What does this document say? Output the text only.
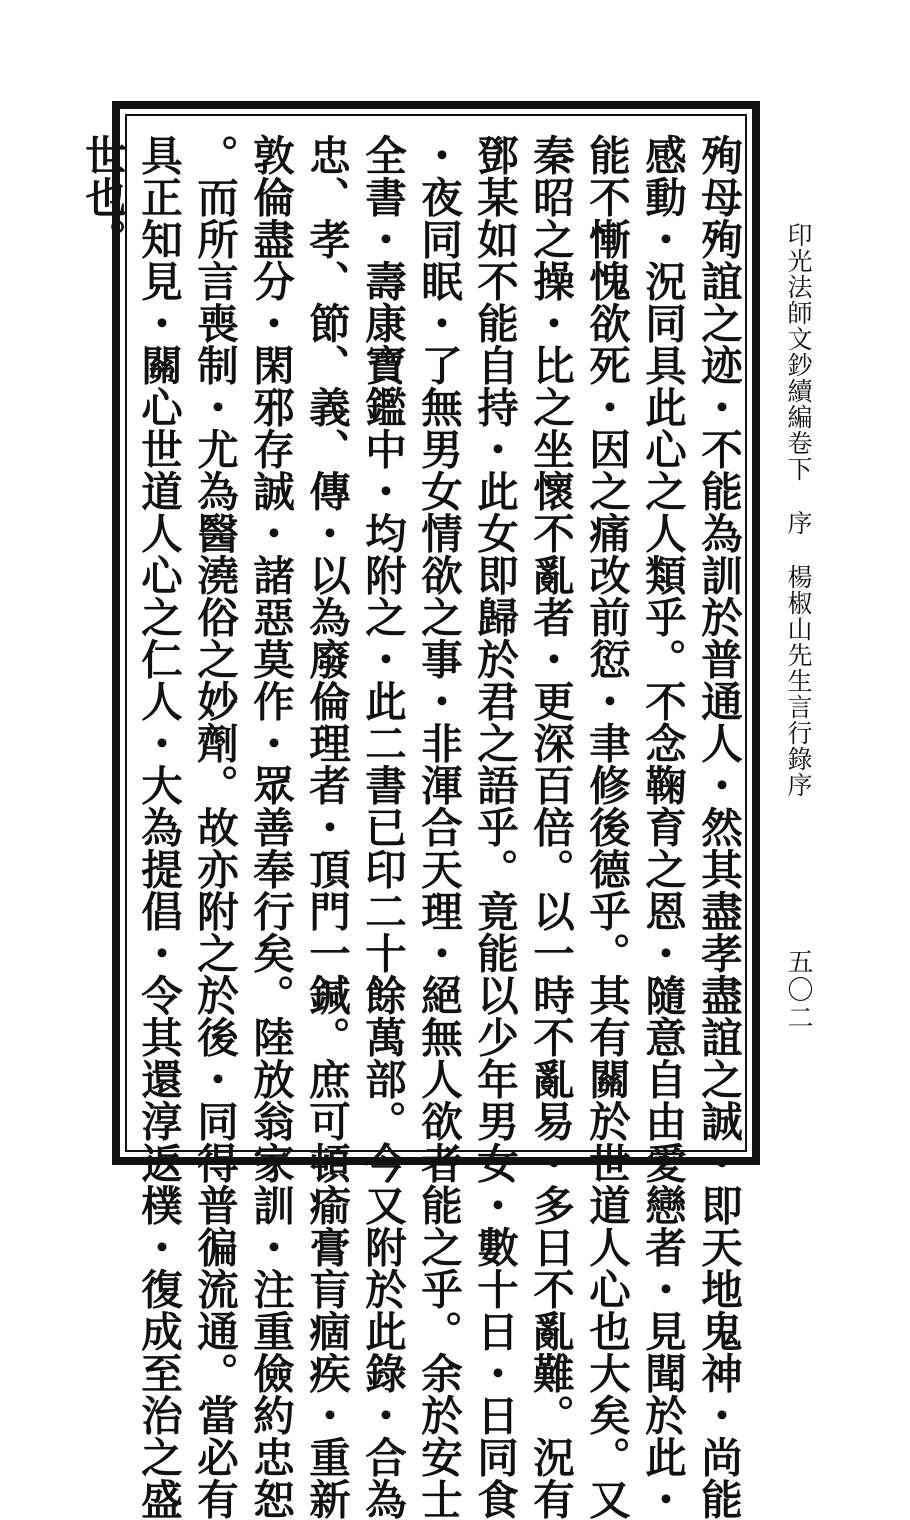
印光法師文鈔續編卷下序楊椒山先生言行錄序
五〇二
殉母殉誼之迹・不能為訓於普通人・然其盡孝盡誼之誠・即天地鬼神・尚能
感動・況同具此心之人類乎。不念鞠育之恩・隨意自由愛戀者・見聞於此・
能不慚愧欲死・因之痛改前愆・聿修後德乎。其有關於世道人心也大矣。又
秦昭之操・比之坐懷不亂者・更深百倍。以一時不亂易・多日不亂難。況有
鄧某如不能自持・此女即歸於君之語乎。竟能以少年男女・數十日・日同食
・夜同眠・了無男女情欲之事・非渾合天理・絕無人欲者能之乎。余於安士
全書・壽康寶鑑中・均附之・此二書已印二十餘萬部。今又附於此錄・合為
忠、孝、節、義、傳・以為廢倫理者・頂門一鍼。庶可頓瘉膏肓痼疾・重新
敦倫盡分・閑邪存誠・諸惡莫作・眾善奉行矣。陸放翁家訓・注重儉約忠恕
。而所言喪制・尤為醫澆俗之妙劑。故亦附之於後・同得普徧流通。當必有
具正知見・關心世道人心之仁人・大為提倡・令其還淳返樸・復成至治之盛
世也。
